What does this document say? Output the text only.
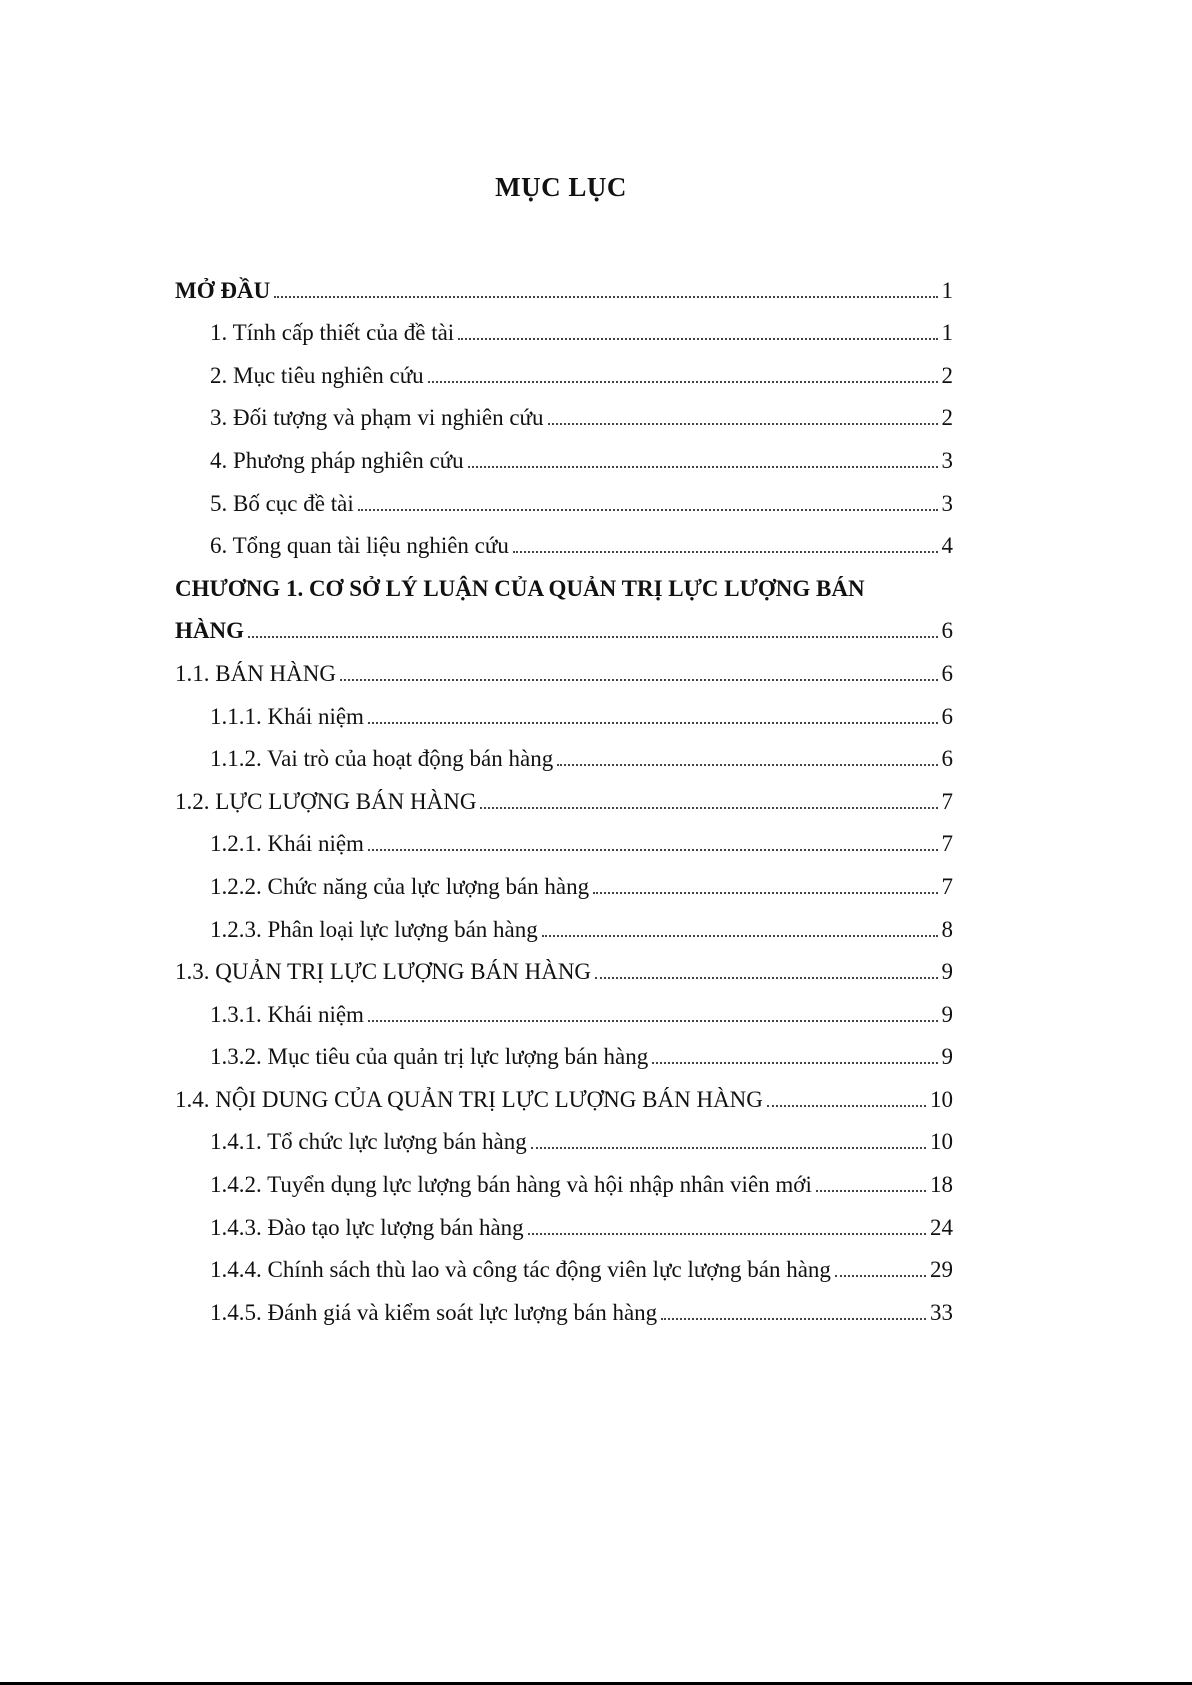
MỤC LỤC
MỞ ĐẦU	1
1. Tính cấp thiết của đề tài	1
2. Mục tiêu nghiên cứu	2
3. Đối tượng và phạm vi nghiên cứu	2
4. Phương pháp nghiên cứu	3
5. Bố cục đề tài	3
6. Tổng quan tài liệu nghiên cứu	4
CHƯƠNG 1. CƠ SỞ LÝ LUẬN CỦA QUẢN TRỊ LỰC LƯỢNG BÁN
HÀNG	6
1.1. BÁN HÀNG	6
1.1.1. Khái niệm	6
1.1.2. Vai trò của hoạt động bán hàng	6
1.2. LỰC LƯỢNG BÁN HÀNG	7
1.2.1. Khái niệm	7
1.2.2. Chức năng của lực lượng bán hàng	7
1.2.3. Phân loại lực lượng bán hàng	8
1.3. QUẢN TRỊ LỰC LƯỢNG BÁN HÀNG	9
1.3.1. Khái niệm	9
1.3.2. Mục tiêu của quản trị lực lượng bán hàng	9
1.4. NỘI DUNG CỦA QUẢN TRỊ LỰC LƯỢNG BÁN HÀNG	10
1.4.1. Tổ chức lực lượng bán hàng	10
1.4.2. Tuyển dụng lực lượng bán hàng và hội nhập nhân viên mới	18
1.4.3. Đào tạo lực lượng bán hàng	24
1.4.4. Chính sách thù lao và công tác động viên lực lượng bán hàng	29
1.4.5. Đánh giá và kiểm soát lực lượng bán hàng	33
